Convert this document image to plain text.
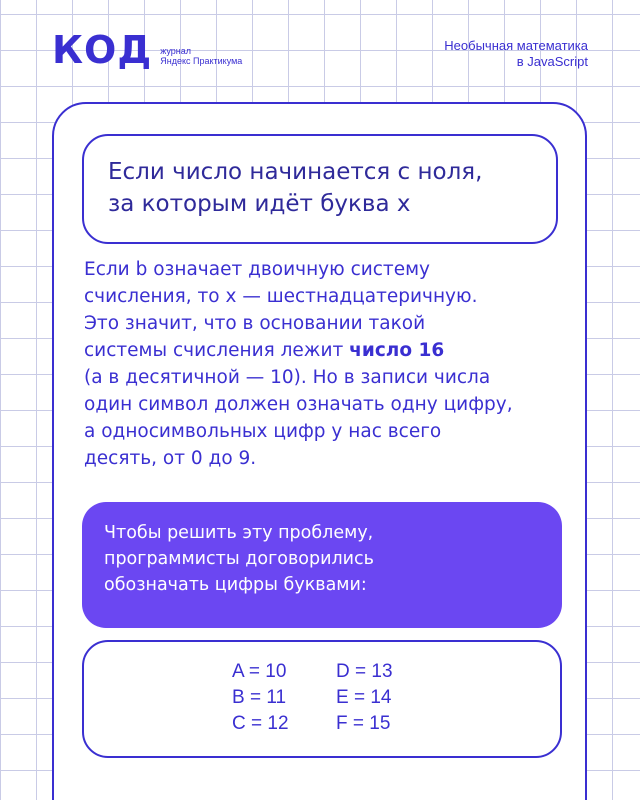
КОД журнал
Яндекс Практикума
Необычная математика
в JavaScript
Если число начинается с ноля,
за которым идёт буква x
Если b означает двоичную систему
счисления, то x — шестнадцатеричную.
Это значит, что в основании такой
системы счисления лежит число 16
(а в десятичной — 10). Но в записи числа
один символ должен означать одну цифру,
а односимвольных цифр у нас всего
десять, от 0 до 9.
Чтобы решить эту проблему,
программисты договорились
обозначать цифры буквами:
A = 10
B = 11
C = 12
D = 13
E = 14
F = 15
